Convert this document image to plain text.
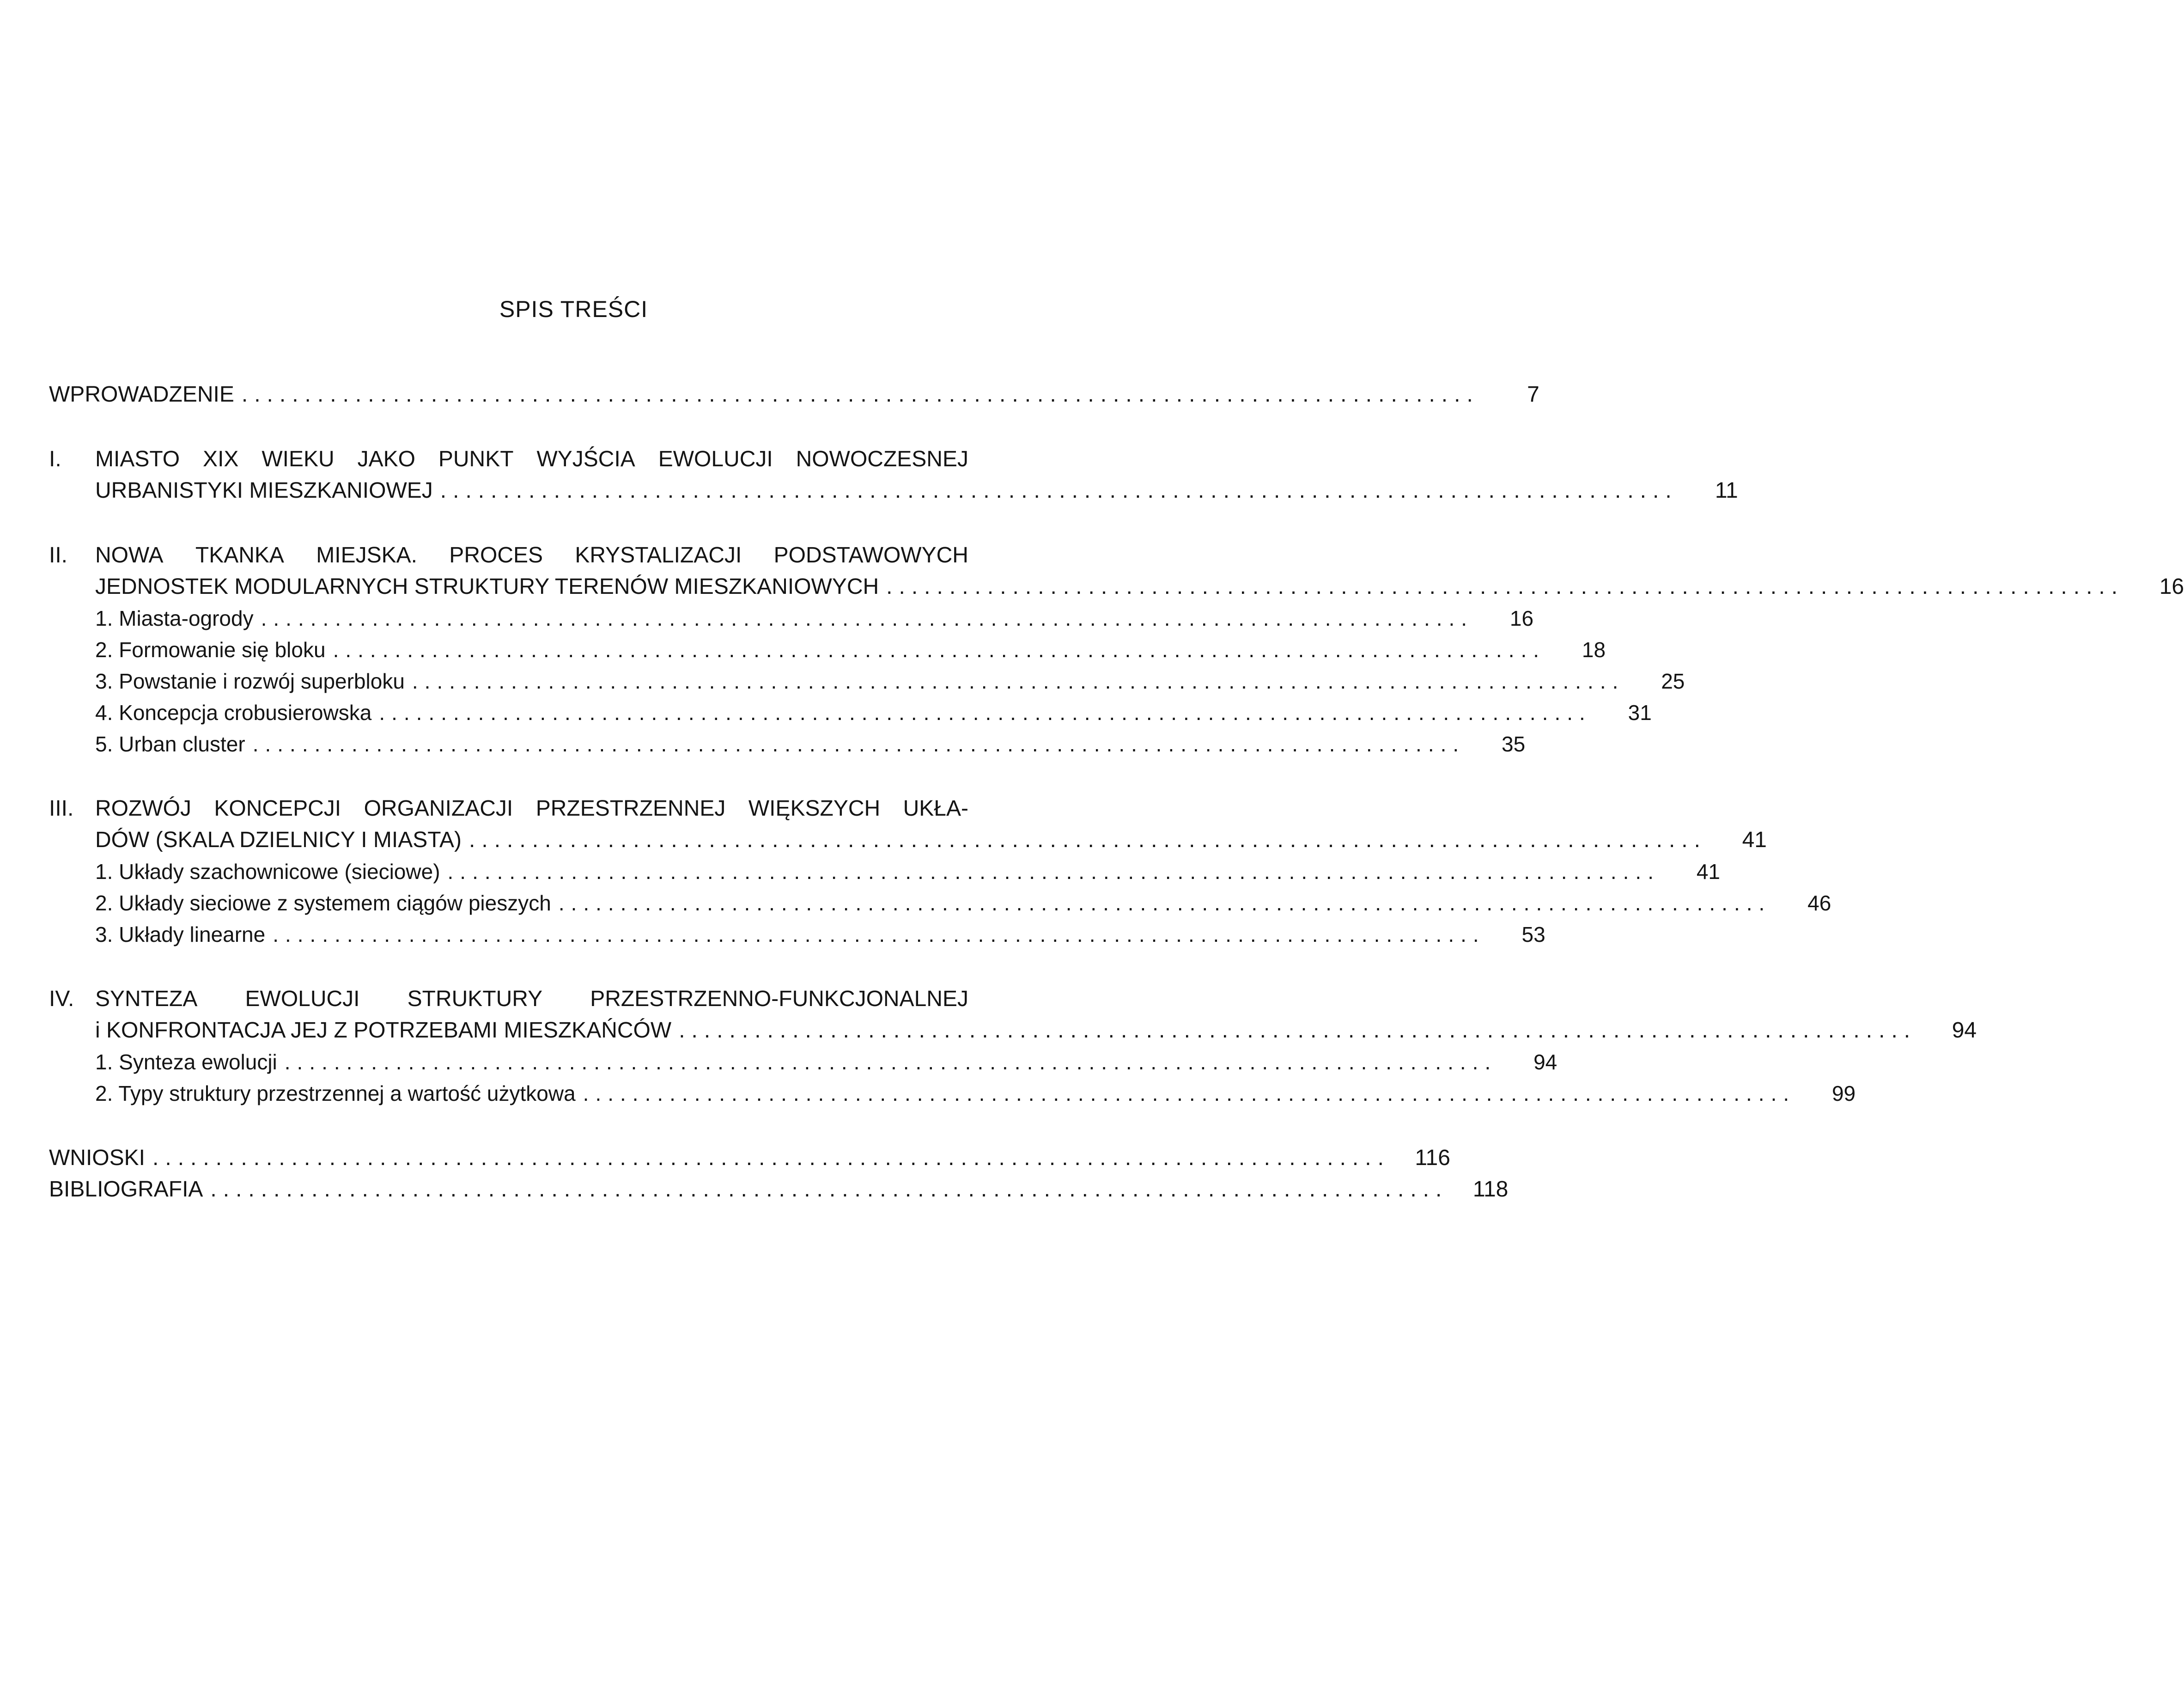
SPIS TREŚCI
WPROWADZENIE ..................................................................................................	7
I.	MIASTO XIX WIEKU JAKO PUNKT WYJŚCIA EWOLUCJI NOWOCZESNEJ
URBANISTYKI MIESZKANIOWEJ ..................................................................................................	11
II.	NOWA TKANKA MIEJSKA. PROCES KRYSTALIZACJI PODSTAWOWYCH
JEDNOSTEK MODULARNYCH STRUKTURY TERENÓW MIESZKANIOWYCH ..................................................................................................	16
1. Miasta-ogrody ..................................................................................................	16
2. Formowanie się bloku ..................................................................................................	18
3. Powstanie i rozwój superbloku ..................................................................................................	25
4. Koncepcja crobusierowska ..................................................................................................	31
5. Urban cluster ..................................................................................................	35
III. ROZWÓJ KONCEPCJI ORGANIZACJI PRZESTRZENNEJ WIĘKSZYCH UKŁA-
DÓW (SKALA DZIELNICY I MIASTA) ..................................................................................................	41
1. Układy szachownicowe (sieciowe) ..................................................................................................	41
2. Układy sieciowe z systemem ciągów pieszych ..................................................................................................	46
3. Układy linearne ..................................................................................................	53
IV. SYNTEZA EWOLUCJI STRUKTURY PRZESTRZENNO-FUNKCJONALNEJ
i KONFRONTACJA JEJ Z POTRZEBAMI MIESZKAŃCÓW ..................................................................................................	94
1. Synteza ewolucji ..................................................................................................	94
2. Typy struktury przestrzennej a wartość użytkowa ..................................................................................................	99
WNIOSKI ..................................................................................................	116
BIBLIOGRAFIA ..................................................................................................	118
